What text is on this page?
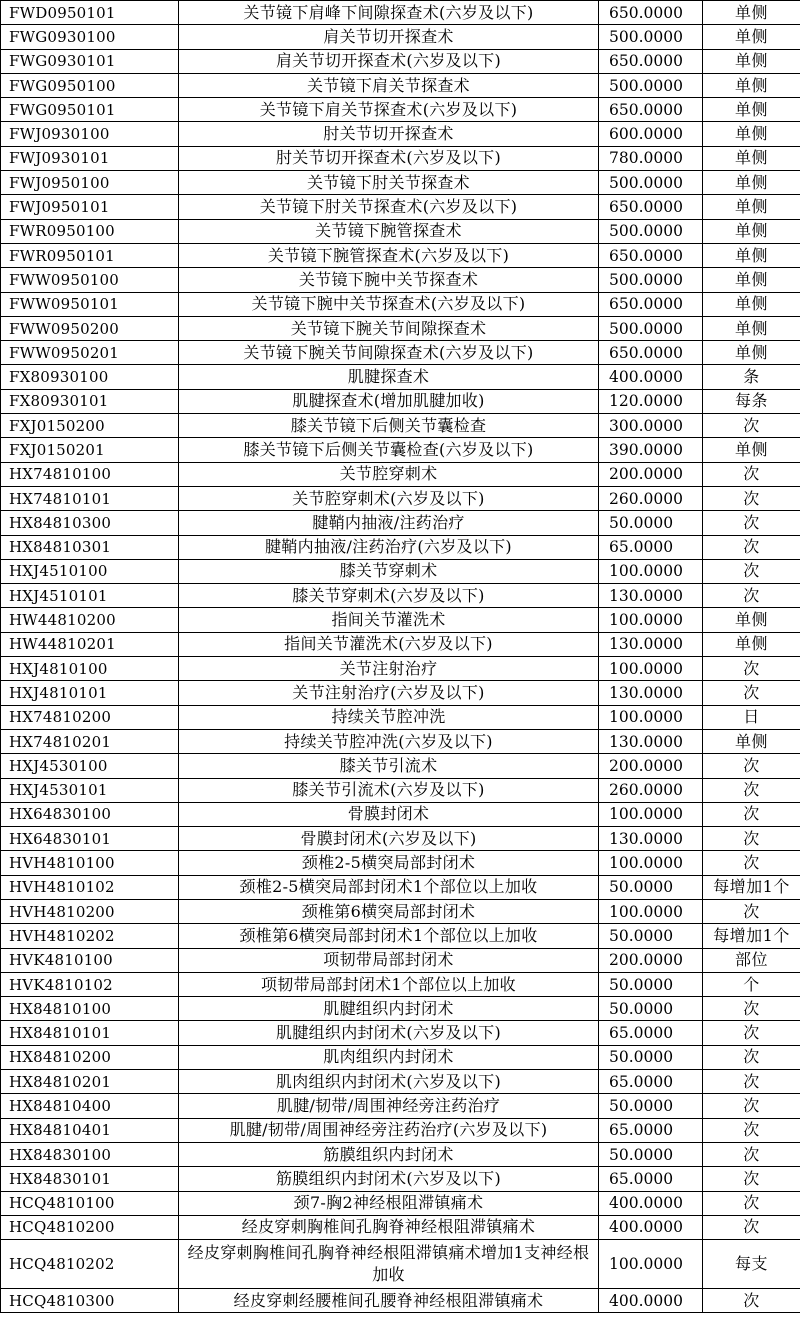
FWD0950101	关节镜下肩峰下间隙探查术(六岁及以下)	650.0000	单侧
FWG0930100	肩关节切开探查术	500.0000	单侧
FWG0930101	肩关节切开探查术(六岁及以下)	650.0000	单侧
FWG0950100	关节镜下肩关节探查术	500.0000	单侧
FWG0950101	关节镜下肩关节探查术(六岁及以下)	650.0000	单侧
FWJ0930100	肘关节切开探查术	600.0000	单侧
FWJ0930101	肘关节切开探查术(六岁及以下)	780.0000	单侧
FWJ0950100	关节镜下肘关节探查术	500.0000	单侧
FWJ0950101	关节镜下肘关节探查术(六岁及以下)	650.0000	单侧
FWR0950100	关节镜下腕管探查术	500.0000	单侧
FWR0950101	关节镜下腕管探查术(六岁及以下)	650.0000	单侧
FWW0950100	关节镜下腕中关节探查术	500.0000	单侧
FWW0950101	关节镜下腕中关节探查术(六岁及以下)	650.0000	单侧
FWW0950200	关节镜下腕关节间隙探查术	500.0000	单侧
FWW0950201	关节镜下腕关节间隙探查术(六岁及以下)	650.0000	单侧
FX80930100	肌腱探查术	400.0000	条
FX80930101	肌腱探查术(增加肌腱加收)	120.0000	每条
FXJ0150200	膝关节镜下后侧关节囊检查	300.0000	次
FXJ0150201	膝关节镜下后侧关节囊检查(六岁及以下)	390.0000	单侧
HX74810100	关节腔穿刺术	200.0000	次
HX74810101	关节腔穿刺术(六岁及以下)	260.0000	次
HX84810300	腱鞘内抽液/注药治疗	50.0000	次
HX84810301	腱鞘内抽液/注药治疗(六岁及以下)	65.0000	次
HXJ4510100	膝关节穿刺术	100.0000	次
HXJ4510101	膝关节穿刺术(六岁及以下)	130.0000	次
HW44810200	指间关节灌洗术	100.0000	单侧
HW44810201	指间关节灌洗术(六岁及以下)	130.0000	单侧
HXJ4810100	关节注射治疗	100.0000	次
HXJ4810101	关节注射治疗(六岁及以下)	130.0000	次
HX74810200	持续关节腔冲洗	100.0000	日
HX74810201	持续关节腔冲洗(六岁及以下)	130.0000	单侧
HXJ4530100	膝关节引流术	200.0000	次
HXJ4530101	膝关节引流术(六岁及以下)	260.0000	次
HX64830100	骨膜封闭术	100.0000	次
HX64830101	骨膜封闭术(六岁及以下)	130.0000	次
HVH4810100	颈椎2-5横突局部封闭术	100.0000	次
HVH4810102	颈椎2-5横突局部封闭术1个部位以上加收	50.0000	每增加1个
HVH4810200	颈椎第6横突局部封闭术	100.0000	次
HVH4810202	颈椎第6横突局部封闭术1个部位以上加收	50.0000	每增加1个
HVK4810100	项韧带局部封闭术	200.0000	部位
HVK4810102	项韧带局部封闭术1个部位以上加收	50.0000	个
HX84810100	肌腱组织内封闭术	50.0000	次
HX84810101	肌腱组织内封闭术(六岁及以下)	65.0000	次
HX84810200	肌肉组织内封闭术	50.0000	次
HX84810201	肌肉组织内封闭术(六岁及以下)	65.0000	次
HX84810400	肌腱/韧带/周围神经旁注药治疗	50.0000	次
HX84810401	肌腱/韧带/周围神经旁注药治疗(六岁及以下)	65.0000	次
HX84830100	筋膜组织内封闭术	50.0000	次
HX84830101	筋膜组织内封闭术(六岁及以下)	65.0000	次
HCQ4810100	颈7-胸2神经根阻滞镇痛术	400.0000	次
HCQ4810200	经皮穿刺胸椎间孔胸脊神经根阻滞镇痛术	400.0000	次
HCQ4810202	经皮穿刺胸椎间孔胸脊神经根阻滞镇痛术增加1支神经根加收	100.0000	每支
HCQ4810300	经皮穿刺经腰椎间孔腰脊神经根阻滞镇痛术	400.0000	次
